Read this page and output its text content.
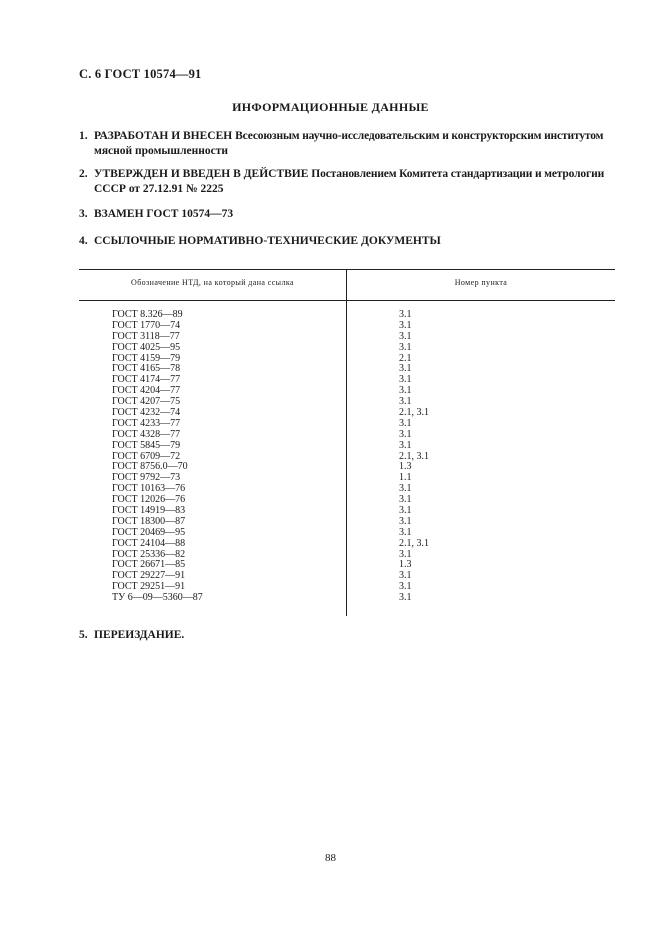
С. 6 ГОСТ 10574—91
ИНФОРМАЦИОННЫЕ ДАННЫЕ
1. РАЗРАБОТАН И ВНЕСЕН Всесоюзным научно-исследовательским и конструкторским институтом
мясной промышленности
2. УТВЕРЖДЕН И ВВЕДЕН В ДЕЙСТВИЕ Постановлением Комитета стандартизации и метрологии
СССР от 27.12.91 № 2225
3. ВЗАМЕН ГОСТ 10574—73
4. ССЫЛОЧНЫЕ НОРМАТИВНО-ТЕХНИЧЕСКИЕ ДОКУМЕНТЫ
Обозначение НТД, на который дана ссылка	Номер пункта
ГОСТ 8.326—89	3.1
ГОСТ 1770—74	3.1
ГОСТ 3118—77	3.1
ГОСТ 4025—95	3.1
ГОСТ 4159—79	2.1
ГОСТ 4165—78	3.1
ГОСТ 4174—77	3.1
ГОСТ 4204—77	3.1
ГОСТ 4207—75	3.1
ГОСТ 4232—74	2.1, 3.1
ГОСТ 4233—77	3.1
ГОСТ 4328—77	3.1
ГОСТ 5845—79	3.1
ГОСТ 6709—72	2.1, 3.1
ГОСТ 8756.0—70	1.3
ГОСТ 9792—73	1.1
ГОСТ 10163—76	3.1
ГОСТ 12026—76	3.1
ГОСТ 14919—83	3.1
ГОСТ 18300—87	3.1
ГОСТ 20469—95	3.1
ГОСТ 24104—88	2.1, 3.1
ГОСТ 25336—82	3.1
ГОСТ 26671—85	1.3
ГОСТ 29227—91	3.1
ГОСТ 29251—91	3.1
ТУ 6—09—5360—87	3.1
5. ПЕРЕИЗДАНИЕ.
88
